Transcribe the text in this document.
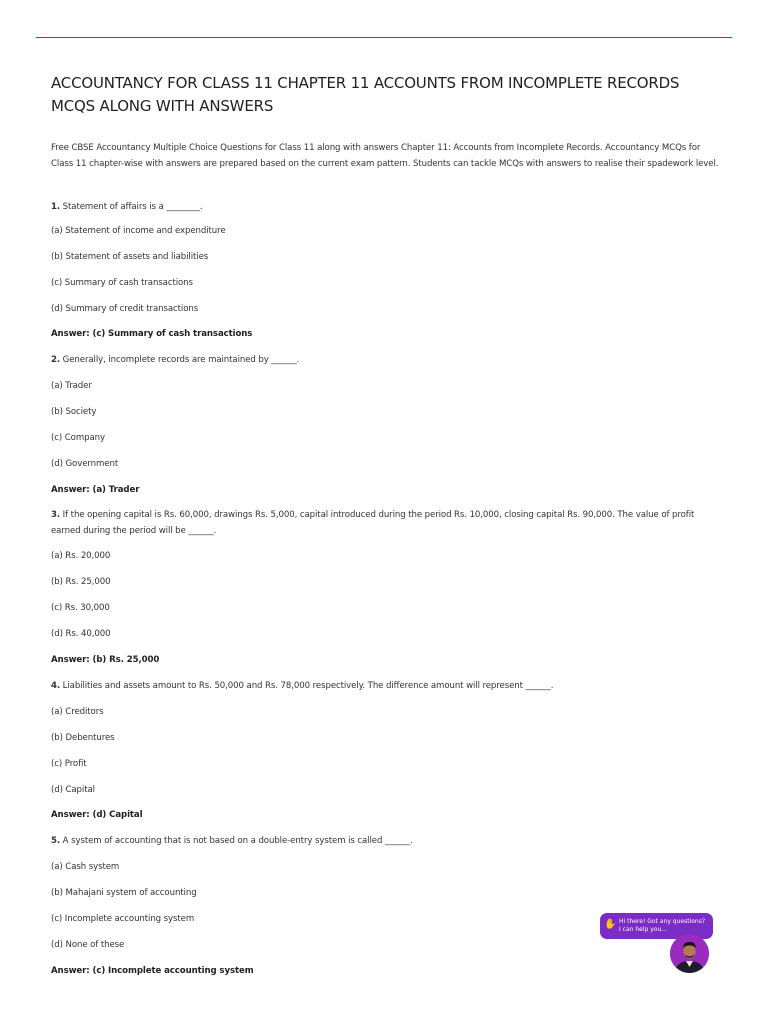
ACCOUNTANCY FOR CLASS 11 CHAPTER 11 ACCOUNTS FROM INCOMPLETE RECORDS
MCQS ALONG WITH ANSWERS

Free CBSE Accountancy Multiple Choice Questions for Class 11 along with answers Chapter 11: Accounts from Incomplete Records. Accountancy MCQs for Class 11 chapter-wise with answers are prepared based on the current exam pattern. Students can tackle MCQs with answers to realise their spadework level.

1. Statement of affairs is a ________.

(a) Statement of income and expenditure

(b) Statement of assets and liabilities

(c) Summary of cash transactions

(d) Summary of credit transactions

Answer: (c) Summary of cash transactions

2. Generally, incomplete records are maintained by ______.

(a) Trader

(b) Society

(c) Company

(d) Government

Answer: (a) Trader

3. If the opening capital is Rs. 60,000, drawings Rs. 5,000, capital introduced during the period Rs. 10,000, closing capital Rs. 90,000. The value of profit earned during the period will be ______.

(a) Rs. 20,000

(b) Rs. 25,000

(c) Rs. 30,000

(d) Rs. 40,000

Answer: (b) Rs. 25,000

4. Liabilities and assets amount to Rs. 50,000 and Rs. 78,000 respectively. The difference amount will represent ______.

(a) Creditors

(b) Debentures

(c) Profit

(d) Capital

Answer: (d) Capital

5. A system of accounting that is not based on a double-entry system is called ______.

(a) Cash system

(b) Mahajani system of accounting

(c) Incomplete accounting system

(d) None of these

Answer: (c) Incomplete accounting system

✋ Hi there! Got any questions?
I can help you...
